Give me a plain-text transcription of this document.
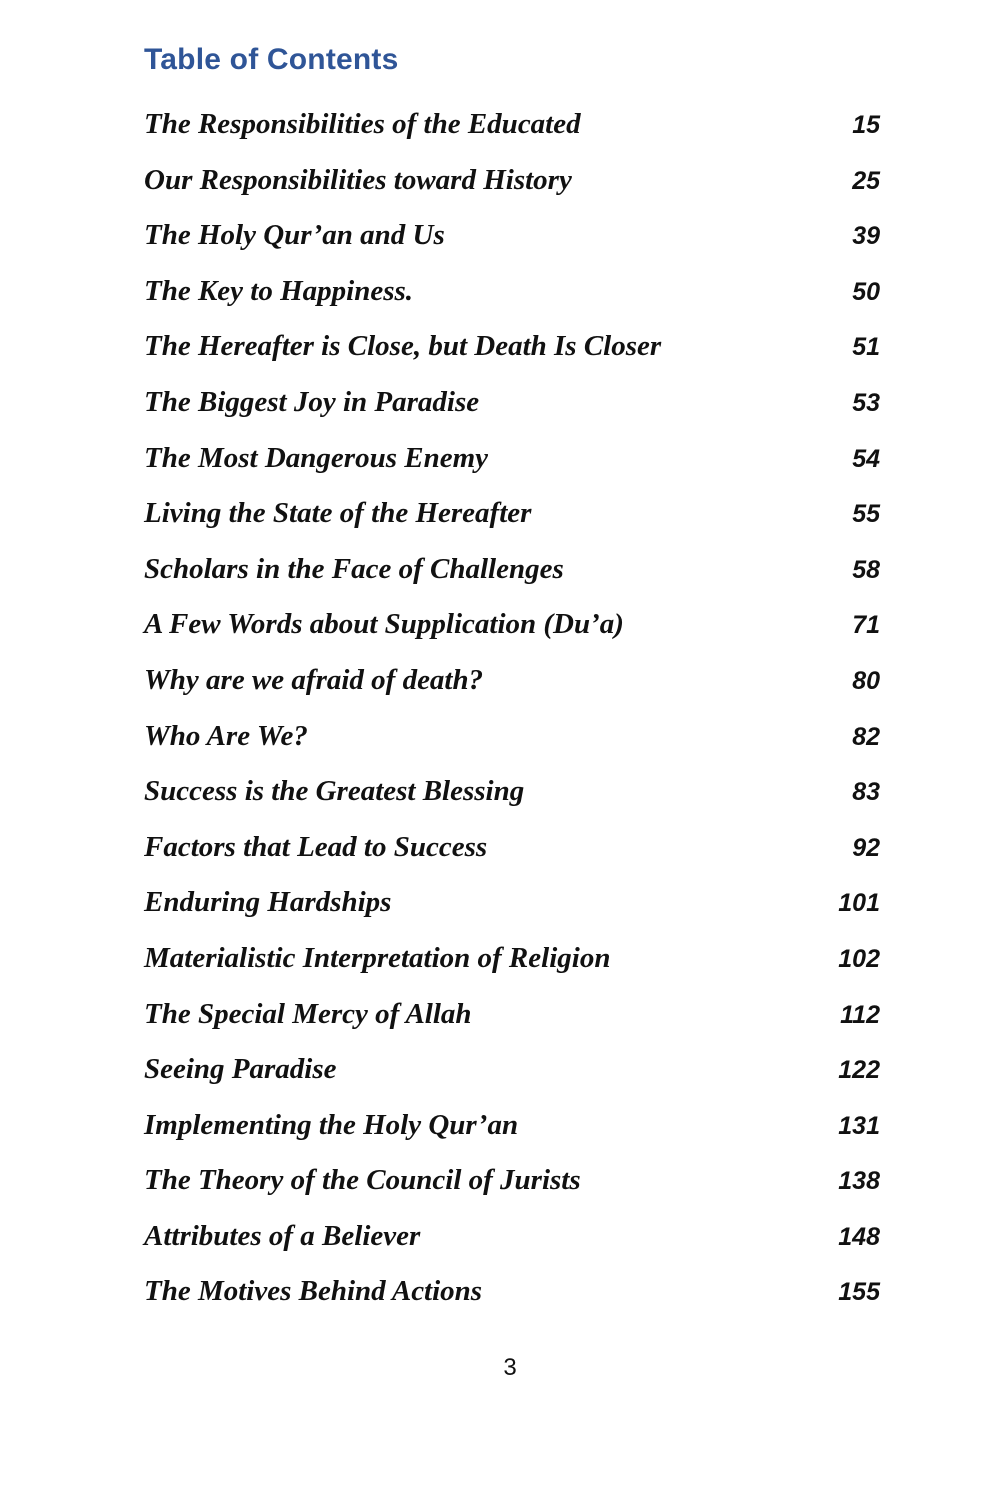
Table of Contents
The Responsibilities of the Educated	15
Our Responsibilities toward History	25
The Holy Qur’an and Us	39
The Key to Happiness.	50
The Hereafter is Close, but Death Is Closer	51
The Biggest Joy in Paradise	53
The Most Dangerous Enemy	54
Living the State of the Hereafter	55
Scholars in the Face of Challenges	58
A Few Words about Supplication (Du’a)	71
Why are we afraid of death?	80
Who Are We?	82
Success is the Greatest Blessing	83
Factors that Lead to Success	92
Enduring Hardships	101
Materialistic Interpretation of Religion	102
The Special Mercy of Allah	112
Seeing Paradise	122
Implementing the Holy Qur’an	131
The Theory of the Council of Jurists	138
Attributes of a Believer	148
The Motives Behind Actions	155
3
